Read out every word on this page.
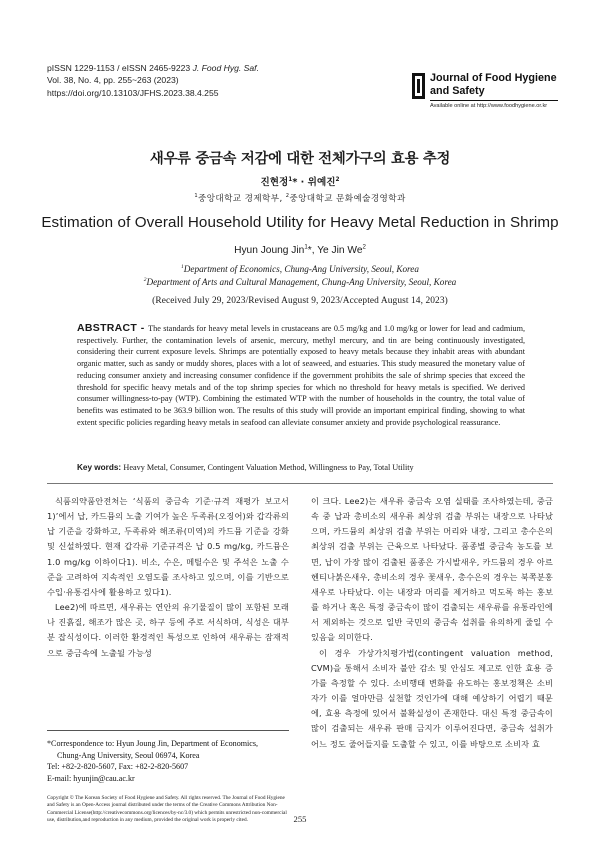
pISSN 1229-1153 / eISSN 2465-9223 J. Food Hyg. Saf.
Vol. 38, No. 4, pp. 255~263 (2023)
https://doi.org/10.13103/JFHS.2023.38.4.255
Journal of Food Hygiene
and Safety
Available online at http://www.foodhygiene.or.kr
새우류 중금속 저감에 대한 전체가구의 효용 추정
진현정$^1$* · 위예진$^2$
$^1$중앙대학교 경제학부, $^2$중앙대학교 문화예술경영학과
Estimation of Overall Household Utility for Heavy Metal Reduction in Shrimp
Hyun Joung Jin$^1$*, Ye Jin We$^2$
$^1$Department of Economics, Chung-Ang University, Seoul, Korea
$^2$Department of Arts and Cultural Management, Chung-Ang University, Seoul, Korea
(Received July 29, 2023/Revised August 9, 2023/Accepted August 14, 2023)
ABSTRACT - The standards for heavy metal levels in crustaceans are 0.5 mg/kg and 1.0 mg/kg or lower for lead and cadmium, respectively. Further, the contamination levels of arsenic, mercury, methyl mercury, and tin are being continuously investigated, considering their current exposure levels. Shrimps are potentially exposed to heavy metals because they inhabit areas with abundant organic matter, such as sandy or muddy shores, places with a lot of seaweed, and estuaries. This study measured the monetary value of reducing consumer anxiety and increasing consumer confidence if the government prohibits the sale of shrimp species that exceed the threshold for specific heavy metals and of the top shrimp species for which no threshold for heavy metals is specified. We derived consumer willingness-to-pay (WTP). Combining the estimated WTP with the number of households in the country, the total value of benefits was estimated to be 363.9 billion won. The results of this study will provide an important empirical finding, showing to what extent specific policies regarding heavy metals in seafood can alleviate consumer anxiety and provide psychological reassurance.
Key words: Heavy Metal, Consumer, Contingent Valuation Method, Willingness to Pay, Total Utility

식품의약품안전처는 ‘식품의 중금속 기준·규격 재평가 보고서1)’에서 납, 카드뮴의 노출 기여가 높은 두족류(오징어)와 갑각류의 납 기준을 강화하고, 두족류와 해조류(미역)의 카드뮴 기준을 강화 및 신설하였다. 현재 갑각류 기준규격은 납 0.5 mg/kg, 카드뮴은 1.0 mg/kg 이하이다1). 비소, 수은, 메틸수은 및 주석은 노출 수준을 고려하여 지속적인 오염도를 조사하고 있으며, 이를 기반으로 수입·유통검사에 활용하고 있다1).

Lee2)에 따르면, 새우류는 연안의 유기물질이 많이 포함된 모래나 진흙질, 해조가 많은 곳, 하구 등에 주로 서식하며, 식성은 대부분 잡식성이다. 이러한 환경적인 특성으로 인하여 새우류는 잠재적으로 중금속에 노출될 가능성

이 크다. Lee2)는 새우류 중금속 오염 실태를 조사하였는데, 중금속 중 납과 총비소의 새우류 최상위 검출 부위는 내장으로 나타났으며, 카드뮴의 최상위 검출 부위는 머리와 내장, 그리고 총수은의 최상위 검출 부위는 근육으로 나타났다. 품종별 중금속 농도를 보면, 납이 가장 많이 검출된 품종은 가시발새우, 카드뮴의 경우 아르헨티나붉은새우, 총비소의 경우 꽃새우, 총수은의 경우는 북쪽분홍새우로 나타났다. 이는 내장과 머리를 제거하고 먹도록 하는 홍보를 하거나 혹은 특정 중금속이 많이 검출되는 새우류를 유통라인에서 제외하는 것으로 일반 국민의 중금속 섭취를 유의하게 줄일 수 있음을 의미한다.

이 경우 가상가치평가법(contingent valuation method, CVM)을 통해서 소비자 불안 감소 및 안심도 제고로 인한 효용 증가를 측정할 수 있다. 소비행태 변화를 유도하는 홍보정책은 소비자가 이를 얼마만큼 실천할 것인가에 대해 예상하기 어렵기 때문에, 효용 측정에 있어서 불확실성이 존재한다. 대신 특정 중금속이 많이 검출되는 새우류 판매 금지가 이루어진다면, 중금속 섭취가 어느 정도 줄어들지를 도출할 수 있고, 이를 바탕으로 소비자 효

*Correspondence to: Hyun Joung Jin, Department of Economics,
Chung-Ang University, Seoul 06974, Korea
Tel: +82-2-820-5607, Fax: +82-2-820-5607
E-mail: hyunjin@cau.ac.kr
Copyright © The Korean Society of Food Hygiene and Safety. All rights reserved. The Journal of Food Hygiene and Safety is an Open-Access journal distributed under the terms of the Creative Commons Attribution Non-Commercial License(http://creativecommons.org/licences/by-nc/3.0) which permits unrestricted non-commercial use, distribution,and reproduction in any medium, provided the original work is properly cited.	255
